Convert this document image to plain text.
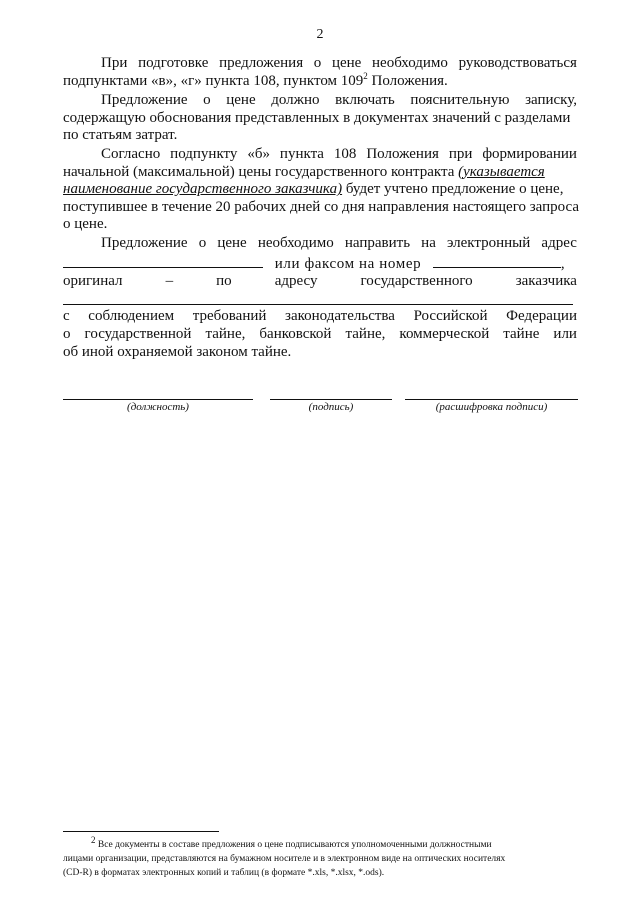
2
При подготовке предложения о цене необходимо руководствоваться
подпунктами «в», «г» пункта 108, пунктом $109^2$ Положения.
Предложение о цене должно включать пояснительную записку,
содержащую обоснования представленных в документах значений с разделами
по статьям затрат.
Согласно подпункту «б» пункта 108 Положения при формировании
начальной (максимальной) цены государственного контракта (указывается
наименование государственного заказчика) будет учтено предложение о цене,
поступившее в течение 20 рабочих дней со дня направления настоящего запроса
о цене.
Предложение о цене необходимо направить на электронный адрес
или факсом на номер	,
оригинал	–	по	адресу	государственного	заказчика
с соблюдением требований законодательства Российской Федерации
о государственной тайне, банковской тайне, коммерческой тайне или
об иной охраняемой законом тайне.
(должность)	(подпись)	(расшифровка подписи)
$^2$ Все документы в составе предложения о цене подписываются уполномоченными должностными
лицами организации, представляются на бумажном носителе и в электронном виде на оптических носителях
(CD-R) в форматах электронных копий и таблиц (в формате *.xls, *.xlsx, *.ods).
